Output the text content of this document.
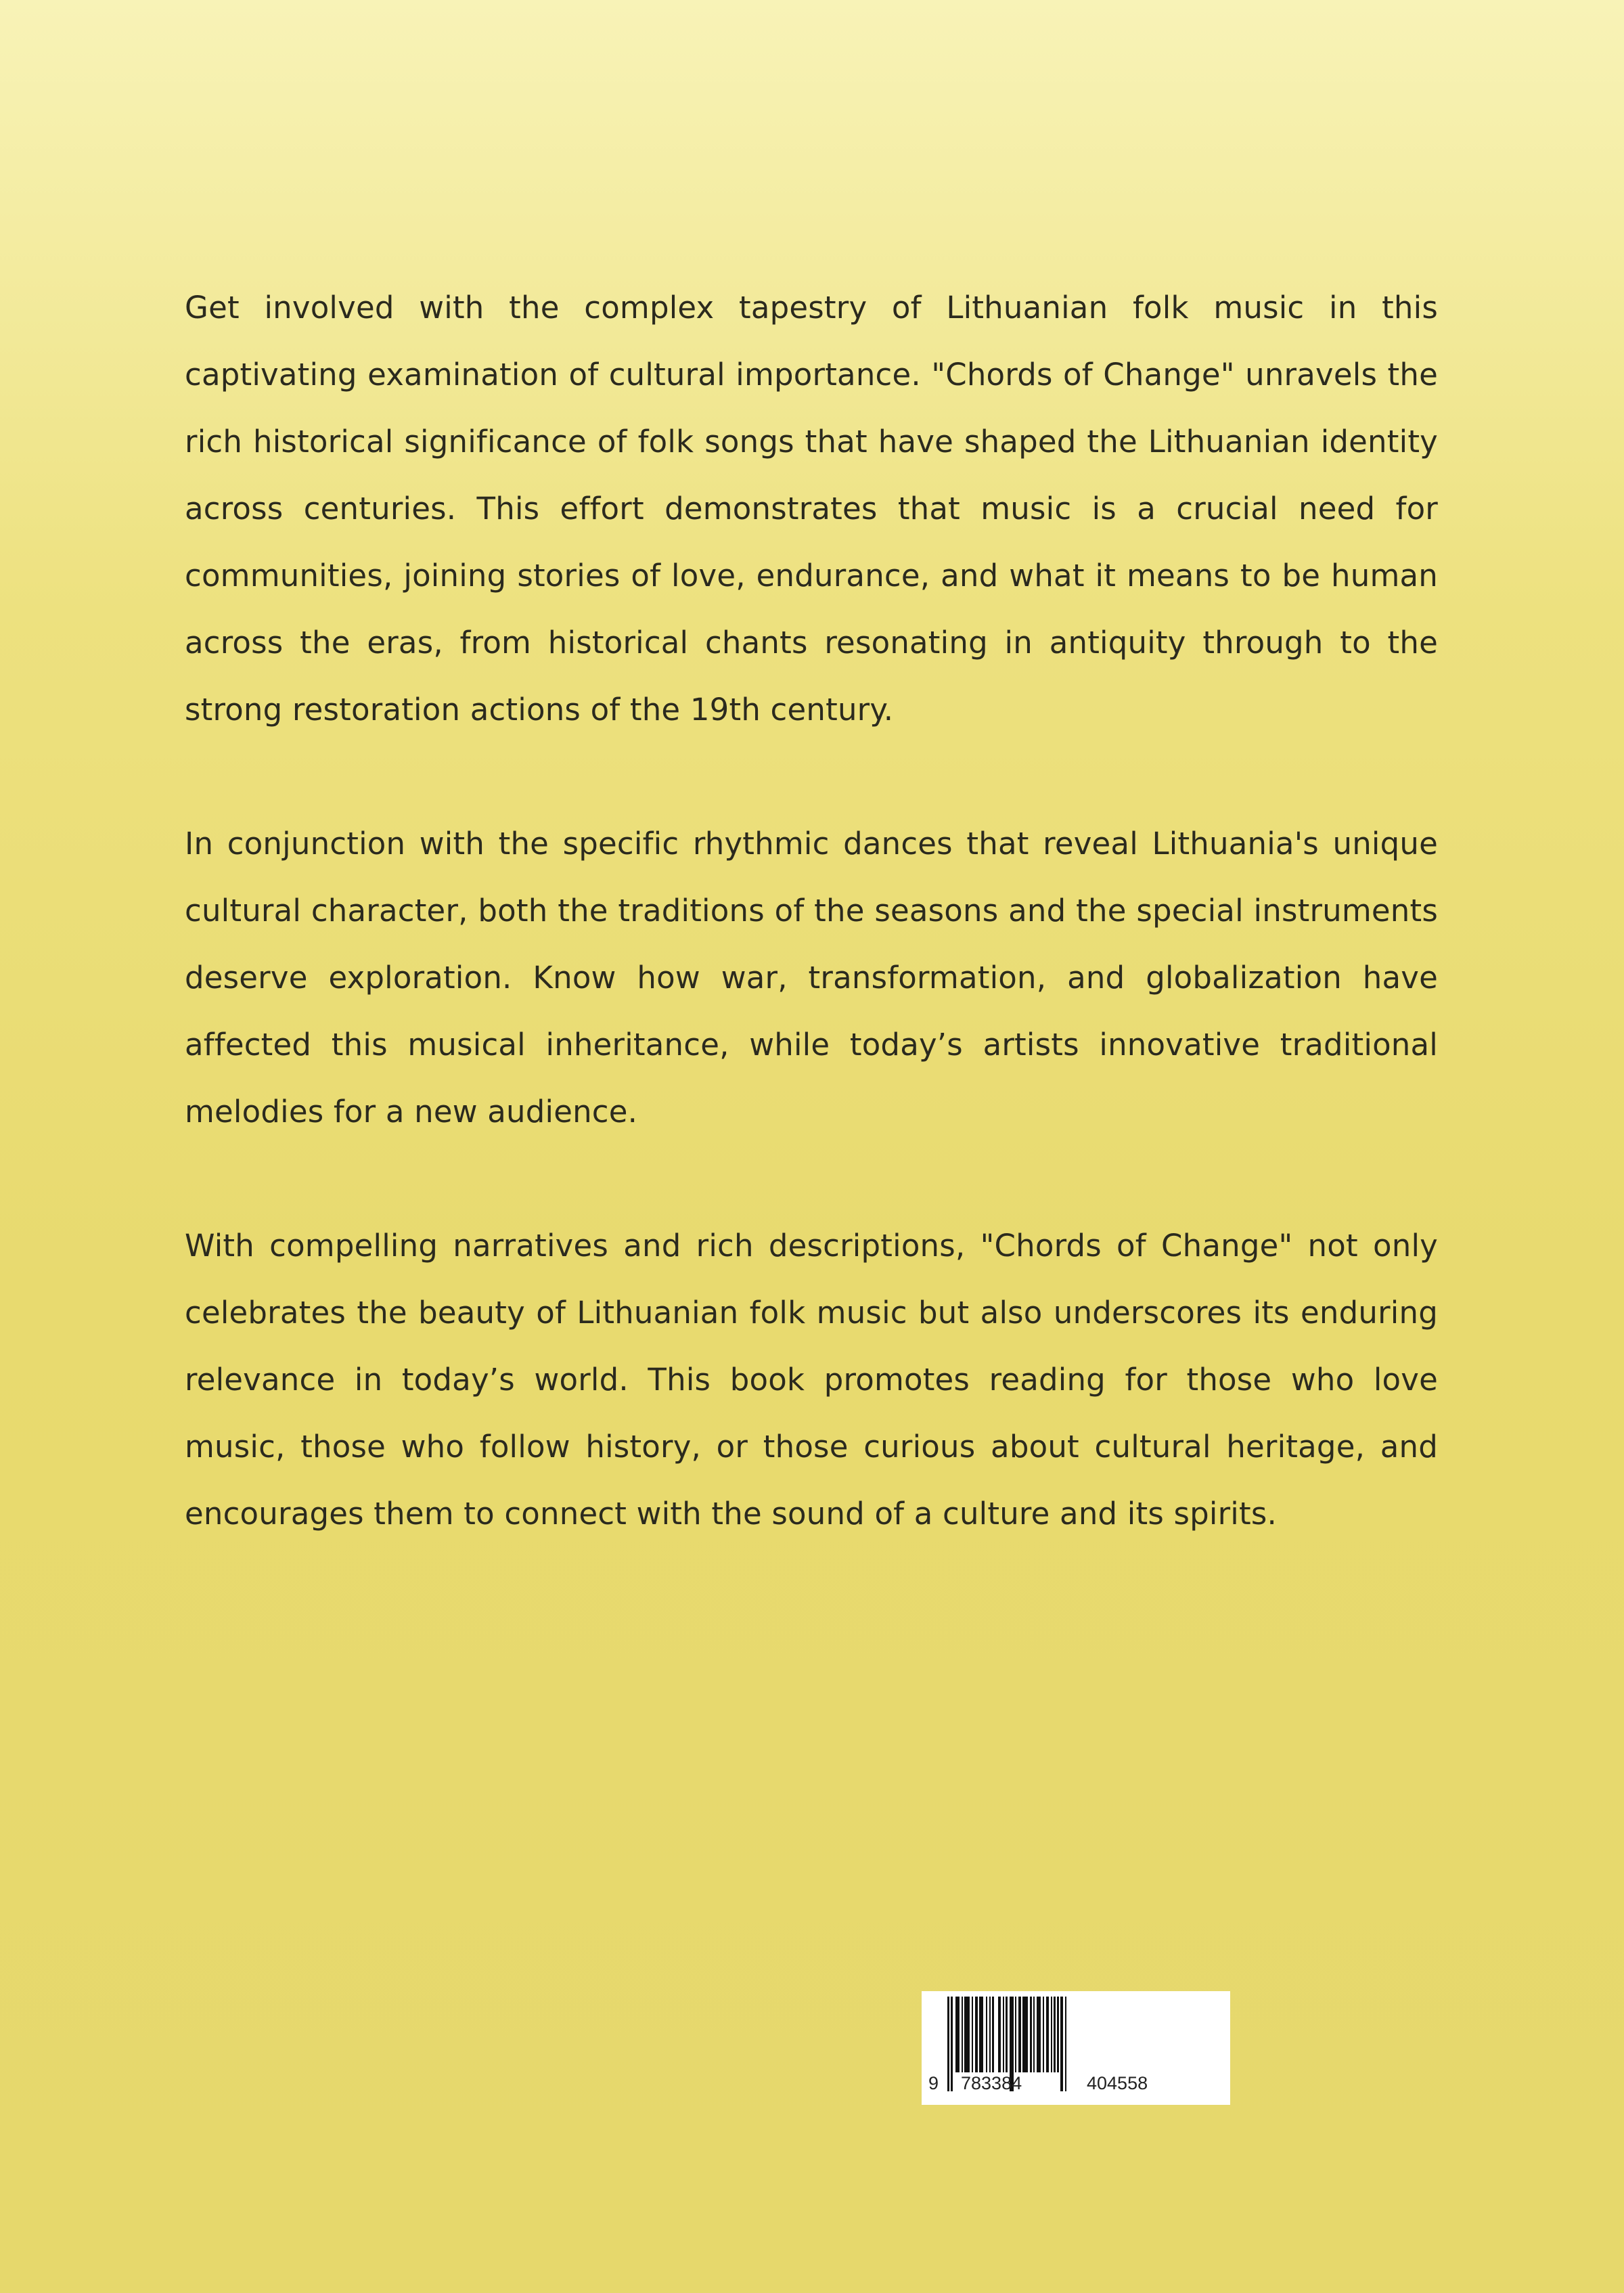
Get involved with the complex tapestry of Lithuanian folk music in this captivating examination of cultural importance. "Chords of Change" unravels the rich historical significance of folk songs that have shaped the Lithuanian identity across centuries. This effort demonstrates that music is a crucial need for communities, joining stories of love, endurance, and what it means to be human across the eras, from historical chants resonating in antiquity through to the strong restoration actions of the 19th century.

In conjunction with the specific rhythmic dances that reveal Lithuania's unique cultural character, both the traditions of the seasons and the special instruments deserve exploration. Know how war, transformation, and globalization have affected this musical inheritance, while today’s artists innovative traditional melodies for a new audience.

With compelling narratives and rich descriptions, "Chords of Change" not only celebrates the beauty of Lithuanian folk music but also underscores its enduring relevance in today’s world. This book promotes reading for those who love music, those who follow history, or those curious about cultural heritage, and encourages them to connect with the sound of a culture and its spirits.

9 783384	404558
